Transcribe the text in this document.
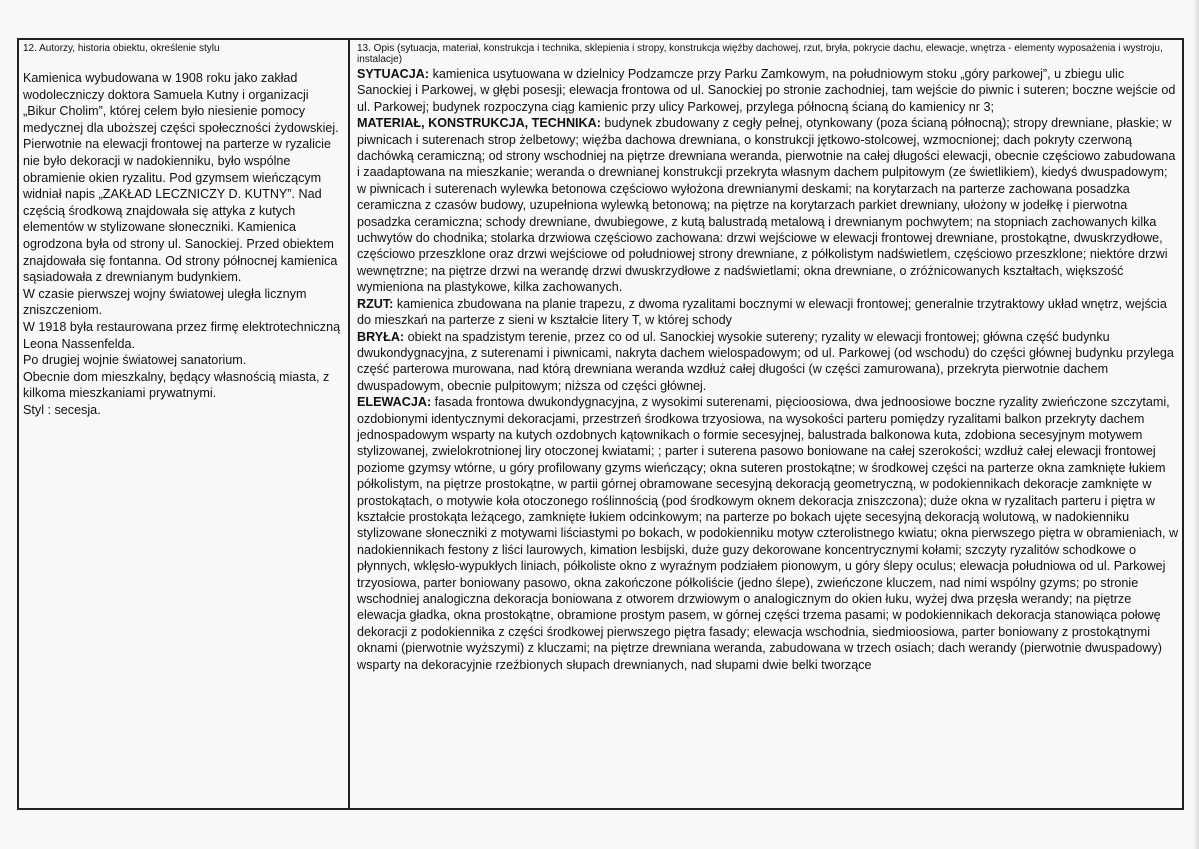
12. Autorzy, historia obiektu, określenie stylu

Kamienica wybudowana w 1908 roku jako zakład wodoleczniczy doktora Samuela Kutny i organizacji „Bikur Cholim”, której celem było niesienie pomocy medycznej dla uboższej części społeczności żydowskiej.

Pierwotnie na elewacji frontowej na parterze w ryzalicie nie było dekoracji w nadokienniku, było wspólne obramienie okien ryzalitu. Pod gzymsem wieńczącym widniał napis „ZAKŁAD LECZNICZY D. KUTNY”. Nad częścią środkową znajdowała się attyka z kutych elementów w stylizowane słoneczniki. Kamienica ogrodzona była od strony ul. Sanockiej. Przed obiektem znajdowała się fontanna. Od strony północnej kamienica sąsiadowała z drewnianym budynkiem.

W czasie pierwszej wojny światowej uległa licznym zniszczeniom.

W 1918 była restaurowana przez firmę elektrotechniczną Leona Nassenfelda.

Po drugiej wojnie światowej sanatorium.

Obecnie dom mieszkalny, będący własnością miasta, z kilkoma mieszkaniami prywatnymi.

Styl : secesja.

13. Opis (sytuacja, materiał, konstrukcja i technika, sklepienia i stropy, konstrukcja więźby dachowej, rzut, bryła, pokrycie dachu, elewacje, wnętrza - elementy wyposażenia i wystroju, instalacje)

SYTUACJA: kamienica usytuowana w dzielnicy Podzamcze przy Parku Zamkowym, na południowym stoku „góry parkowej”, u zbiegu ulic Sanockiej i Parkowej, w głębi posesji; elewacja frontowa od ul. Sanockiej po stronie zachodniej, tam wejście do piwnic i suteren; boczne wejście od ul. Parkowej; budynek rozpoczyna ciąg kamienic przy ulicy Parkowej, przylega północną ścianą do kamienicy nr 3;

MATERIAŁ, KONSTRUKCJA, TECHNIKA: budynek zbudowany z cegły pełnej, otynkowany (poza ścianą północną); stropy drewniane, płaskie; w piwnicach i suterenach strop żelbetowy; więźba dachowa drewniana, o konstrukcji jętkowo-stolcowej, wzmocnionej; dach pokryty czerwoną dachówką ceramiczną; od strony wschodniej na piętrze drewniana weranda, pierwotnie na całej długości elewacji, obecnie częściowo zabudowana i zaadaptowana na mieszkanie; weranda o drewnianej konstrukcji przekryta własnym dachem pulpitowym (ze świetlikiem), kiedyś dwuspadowym; w piwnicach i suterenach wylewka betonowa częściowo wyłożona drewnianymi deskami; na korytarzach na parterze zachowana posadzka ceramiczna z czasów budowy, uzupełniona wylewką betonową; na piętrze na korytarzach parkiet drewniany, ułożony w jodełkę i pierwotna posadzka ceramiczna; schody drewniane, dwubiegowe, z kutą balustradą metalową i drewnianym pochwytem; na stopniach zachowanych kilka uchwytów do chodnika; stolarka drzwiowa częściowo zachowana: drzwi wejściowe w elewacji frontowej drewniane, prostokątne, dwuskrzydłowe, częściowo przeszklone oraz drzwi wejściowe od południowej strony drewniane, z półkolistym nadświetlem, częściowo przeszklone; niektóre drzwi wewnętrzne; na piętrze drzwi na werandę drzwi dwuskrzydłowe z nadświetlami; okna drewniane, o zróżnicowanych kształtach, większość wymieniona na plastykowe, kilka zachowanych.

RZUT: kamienica zbudowana na planie trapezu, z dwoma ryzalitami bocznymi w elewacji frontowej; generalnie trzytraktowy układ wnętrz, wejścia do mieszkań na parterze z sieni w kształcie litery T, w której schody

BRYŁA: obiekt na spadzistym terenie, przez co od ul. Sanockiej wysokie sutereny; ryzality w elewacji frontowej; główna część budynku dwukondygnacyjna, z suterenami i piwnicami, nakryta dachem wielospadowym; od ul. Parkowej (od wschodu) do części głównej budynku przylega część parterowa murowana, nad którą drewniana weranda wzdłuż całej długości (w części zamurowana), przekryta pierwotnie dachem dwuspadowym, obecnie pulpitowym; niższa od części głównej.

ELEWACJA: fasada frontowa dwukondygnacyjna, z wysokimi suterenami, pięcioosiowa, dwa jednoosiowe boczne ryzality zwieńczone szczytami, ozdobionymi identycznymi dekoracjami, przestrzeń środkowa trzyosiowa, na wysokości parteru pomiędzy ryzalitami balkon przekryty dachem jednospadowym wsparty na kutych ozdobnych kątownikach o formie secesyjnej, balustrada balkonowa kuta, zdobiona secesyjnym motywem stylizowanej, zwielokrotnionej liry otoczonej kwiatami; ; parter i suterena pasowo boniowane na całej szerokości; wzdłuż całej elewacji frontowej poziome gzymsy wtórne, u góry profilowany gzyms wieńczący; okna suteren prostokątne; w środkowej części na parterze okna zamknięte łukiem półkolistym, na piętrze prostokątne, w partii górnej obramowane secesyjną dekoracją geometryczną, w podokiennikach dekoracje zamknięte w prostokątach, o motywie koła otoczonego roślinnością (pod środkowym oknem dekoracja zniszczona); duże okna w ryzalitach parteru i piętra w kształcie prostokąta leżącego, zamknięte łukiem odcinkowym; na parterze po bokach ujęte secesyjną dekoracją wolutową, w nadokienniku stylizowane słoneczniki z motywami liściastymi po bokach, w podokienniku motyw czterolistnego kwiatu; okna pierwszego piętra w obramieniach, w nadokiennikach festony z liści laurowych, kimation lesbijski, duże guzy dekorowane koncentrycznymi kołami; szczyty ryzalitów schodkowe o płynnych, wklęsło-wypukłych liniach, półkoliste okno z wyraźnym podziałem pionowym, u góry ślepy oculus; elewacja południowa od ul. Parkowej trzyosiowa, parter boniowany pasowo, okna zakończone półkoliście (jedno ślepe), zwieńczone kluczem, nad nimi wspólny gzyms; po stronie wschodniej analogiczna dekoracja boniowana z otworem drzwiowym o analogicznym do okien łuku, wyżej dwa przęsła werandy; na piętrze elewacja gładka, okna prostokątne, obramione prostym pasem, w górnej części trzema pasami; w podokiennikach dekoracja stanowiąca połowę dekoracji z podokiennika z części środkowej pierwszego piętra fasady; elewacja wschodnia, siedmioosiowa, parter boniowany z prostokątnymi oknami (pierwotnie wyższymi) z kluczami; na piętrze drewniana weranda, zabudowana w trzech osiach; dach werandy (pierwotnie dwuspadowy) wsparty na dekoracyjnie rzeźbionych słupach drewnianych, nad słupami dwie belki tworzące
